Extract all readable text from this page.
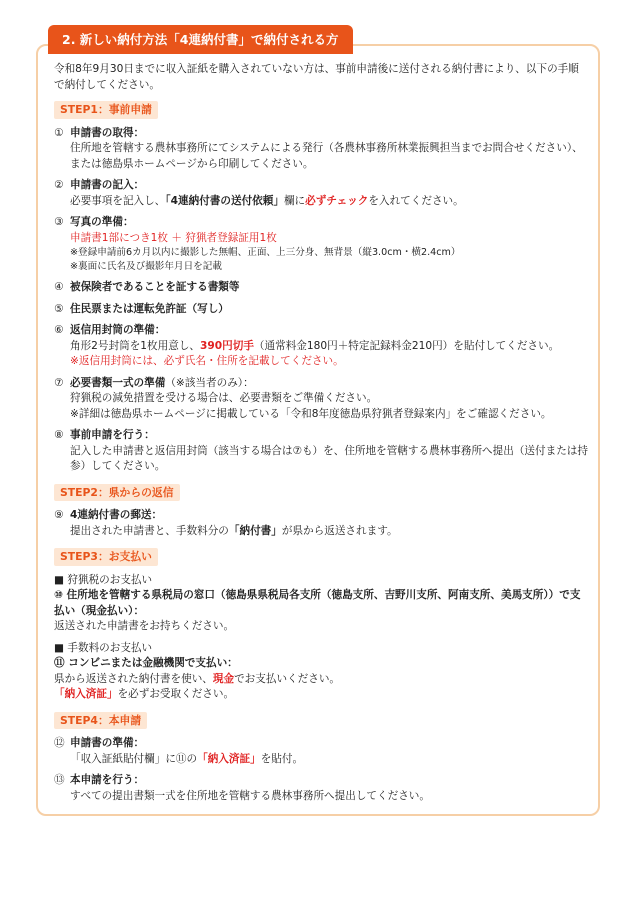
2. 新しい納付方法「4連納付書」で納付される方

令和8年9月30日までに収入証紙を購入されていない方は、事前申請後に送付される納付書により、以下の手順で納付してください。

STEP1：事前申請
① 申請書の取得：
住所地を管轄する農林事務所にてシステムによる発行（各農林事務所林業振興担当までお問合せください）、または徳島県ホームページから印刷してください。
② 申請書の記入：
必要事項を記入し、「4連納付書の送付依頼」欄に必ずチェックを入れてください。
③ 写真の準備：
申請書1部につき1枚 ＋ 狩猟者登録証用1枚
※登録申請前6カ月以内に撮影した無帽、正面、上三分身、無背景（縦3.0cm・横2.4cm）
※裏面に氏名及び撮影年月日を記載
④ 被保険者であることを証する書類等
⑤ 住民票または運転免許証（写し）
⑥ 返信用封筒の準備：
角形2号封筒を1枚用意し、390円切手（通常料金180円＋特定記録料金210円）を貼付してください。
※返信用封筒には、必ず氏名・住所を記載してください。
⑦ 必要書類一式の準備（※該当者のみ）：
狩猟税の減免措置を受ける場合は、必要書類をご準備ください。
※詳細は徳島県ホームページに掲載している「令和8年度徳島県狩猟者登録案内」をご確認ください。
⑧ 事前申請を行う：
記入した申請書と返信用封筒（該当する場合は⑦も）を、住所地を管轄する農林事務所へ提出（送付または持参）してください。
STEP2：県からの返信
⑨ 4連納付書の郵送：
提出された申請書と、手数料分の「納付書」が県から返送されます。
STEP3：お支払い
■ 狩猟税のお支払い
⑩ 住所地を管轄する県税局の窓口（徳島県県税局各支所（徳島支所、吉野川支所、阿南支所、美馬支所））で支払い（現金払い）：
返送された申請書をお持ちください。
■ 手数料のお支払い
⑪ コンビニまたは金融機関で支払い：
県から返送された納付書を使い、現金でお支払いください。
「納入済証」を必ずお受取ください。
STEP4：本申請
⑫ 申請書の準備：
「収入証紙貼付欄」に⑪の「納入済証」を貼付。
⑬ 本申請を行う：
すべての提出書類一式を住所地を管轄する農林事務所へ提出してください。
